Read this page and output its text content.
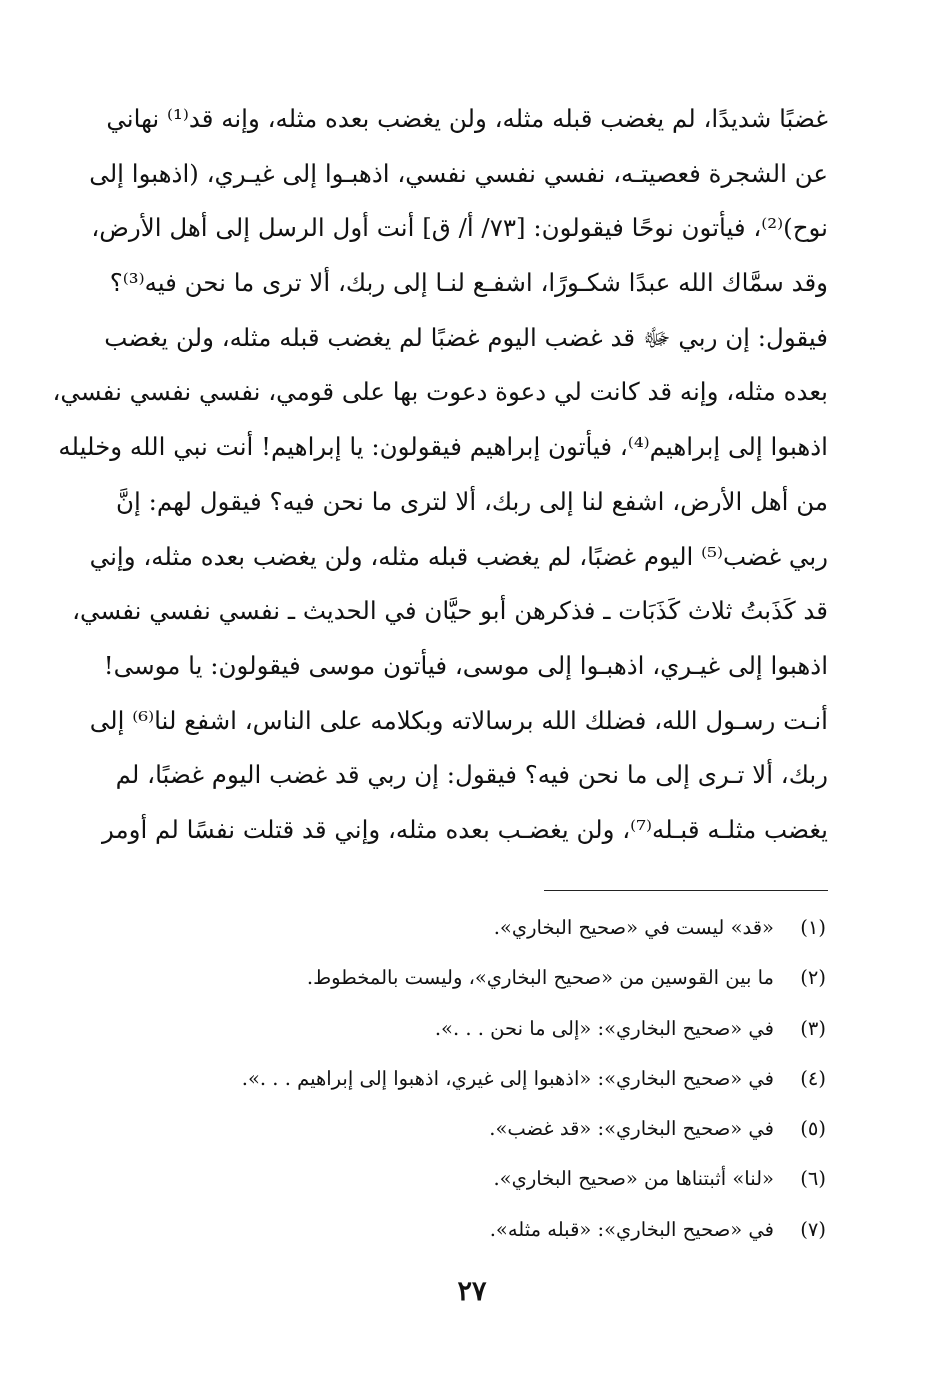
غضبًا شديدًا، لم يغضب قبله مثله، ولن يغضب بعده مثله، وإنه قد⁽¹⁾ نهاني
عن الشجرة فعصيتـه، نفسي نفسي نفسي، اذهبـوا إلى غيـري، (اذهبوا إلى
نوح)⁽²⁾، فيأتون نوحًا فيقولون: [٧٣/ أ/ ق] أنت أول الرسل إلى أهل الأرض،
وقد سمَّاك الله عبدًا شكـورًا، اشفـع لنـا إلى ربك، ألا ترى ما نحن فيه⁽³⁾؟
فيقول: إن ربي ﷻ قد غضب اليوم غضبًا لم يغضب قبله مثله، ولن يغضب
بعده مثله، وإنه قد كانت لي دعوة دعوت بها على قومي، نفسي نفسي نفسي،
اذهبوا إلى إبراهيم⁽⁴⁾، فيأتون إبراهيم فيقولون: يا إبراهيم! أنت نبي الله وخليله
من أهل الأرض، اشفع لنا إلى ربك، ألا لترى ما نحن فيه؟ فيقول لهم: إنَّ
ربي غضب⁽⁵⁾ اليوم غضبًا، لم يغضب قبله مثله، ولن يغضب بعده مثله، وإني
قد كَذَبتُ ثلاث كَذَبَات ـ فذكرهن أبو حيَّان في الحديث ـ نفسي نفسي نفسي،
اذهبوا إلى غيـري، اذهبـوا إلى موسى، فيأتون موسى فيقولون: يا موسى!
أنـت رسـول الله، فضلك الله برسالاته وبكلامه على الناس، اشفع لنا⁽⁶⁾ إلى
ربك، ألا تـرى إلى ما نحن فيه؟ فيقول: إن ربي قد غضب اليوم غضبًا، لم
يغضب مثلـه قبـله⁽⁷⁾، ولن يغضـب بعده مثله، وإني قد قتلت نفسًا لم أومر
(١)«قد» ليست في «صحيح البخاري».
(٢)ما بين القوسين من «صحيح البخاري»، وليست بالمخطوط.
(٣)في «صحيح البخاري»: «إلى ما نحن . . .».
(٤)في «صحيح البخاري»: «اذهبوا إلى غيري، اذهبوا إلى إبراهيم . . .».
(٥)في «صحيح البخاري»: «قد غضب».
(٦)«لنا» أثبتناها من «صحيح البخاري».
(٧)في «صحيح البخاري»: «قبله مثله».
٢٧
